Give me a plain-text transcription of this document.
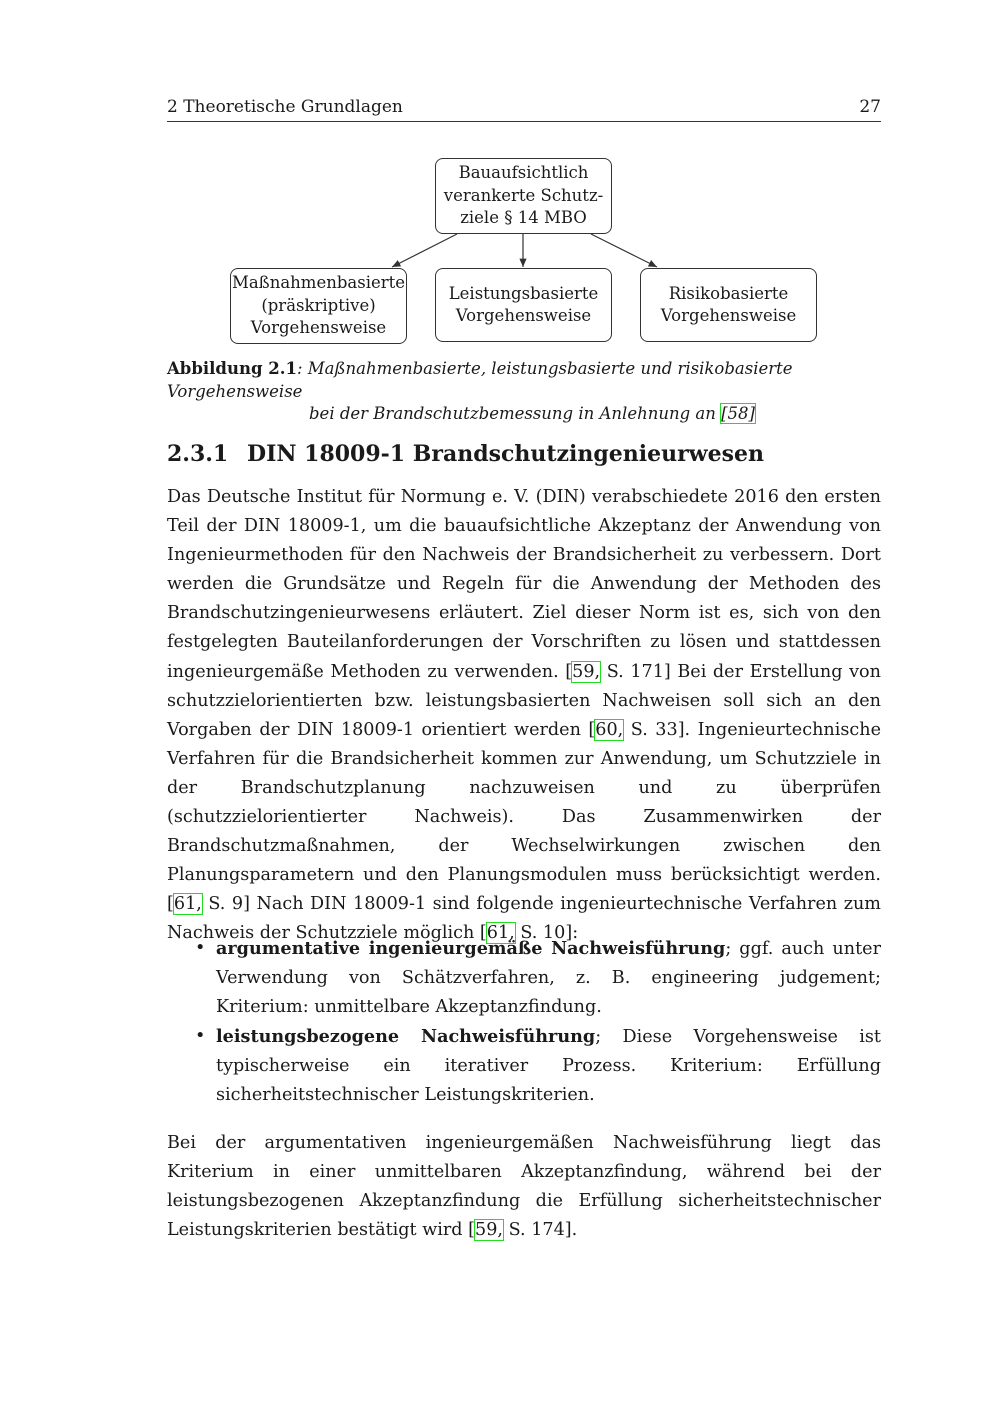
2 Theoretische Grundlagen	27
Bauaufsichtlich
verankerte Schutz-
ziele § 14 MBO
Maßnahmenbasierte
(präskriptive)
Vorgehensweise
Leistungsbasierte
Vorgehensweise
Risikobasierte
Vorgehensweise
Abbildung 2.1: Maßnahmenbasierte, leistungsbasierte und risikobasierte Vorgehensweise
bei der Brandschutzbemessung in Anlehnung an [58]
2.3.1 DIN 18009-1 Brandschutzingenieurwesen

Das Deutsche Institut für Normung e. V. (DIN) verabschiedete 2016 den ersten Teil der DIN 18009-1, um die bauaufsichtliche Akzeptanz der Anwendung von Ingenieurmethoden für den Nachweis der Brandsicherheit zu verbessern. Dort werden die Grundsätze und Regeln für die Anwendung der Methoden des Brandschutzingenieurwesens erläutert. Ziel dieser Norm ist es, sich von den festgelegten Bauteilanforderungen der Vorschriften zu lösen und stattdessen ingenieurgemäße Methoden zu verwenden. [59, S. 171] Bei der Erstellung von schutzzielorientierten bzw. leistungsbasierten Nachweisen soll sich an den Vorgaben der DIN 18009-1 orientiert werden [60, S. 33]. Ingenieurtechnische Verfahren für die Brandsicherheit kommen zur Anwendung, um Schutzziele in der Brandschutzplanung nachzuweisen und zu überprüfen (schutzzielorientierter Nachweis). Das Zusammenwirken der Brandschutzmaßnahmen, der Wechselwirkungen zwischen den Planungsparametern und den Planungsmodulen muss berücksichtigt werden. [61, S. 9] Nach DIN 18009-1 sind folgende ingenieurtechnische Verfahren zum Nachweis der Schutzziele möglich [61, S. 10]:

• argumentative ingenieurgemäße Nachweisführung; ggf. auch unter Verwendung von Schätzverfahren, z. B. engineering judgement; Kriterium: unmittelbare Akzeptanzfindung.
• leistungsbezogene Nachweisführung; Diese Vorgehensweise ist typischerweise ein iterativer Prozess. Kriterium: Erfüllung sicherheitstechnischer Leistungskriterien.

Bei der argumentativen ingenieurgemäßen Nachweisführung liegt das Kriterium in einer unmittelbaren Akzeptanzfindung, während bei der leistungsbezogenen Akzeptanzfindung die Erfüllung sicherheitstechnischer Leistungskriterien bestätigt wird [59, S. 174].
